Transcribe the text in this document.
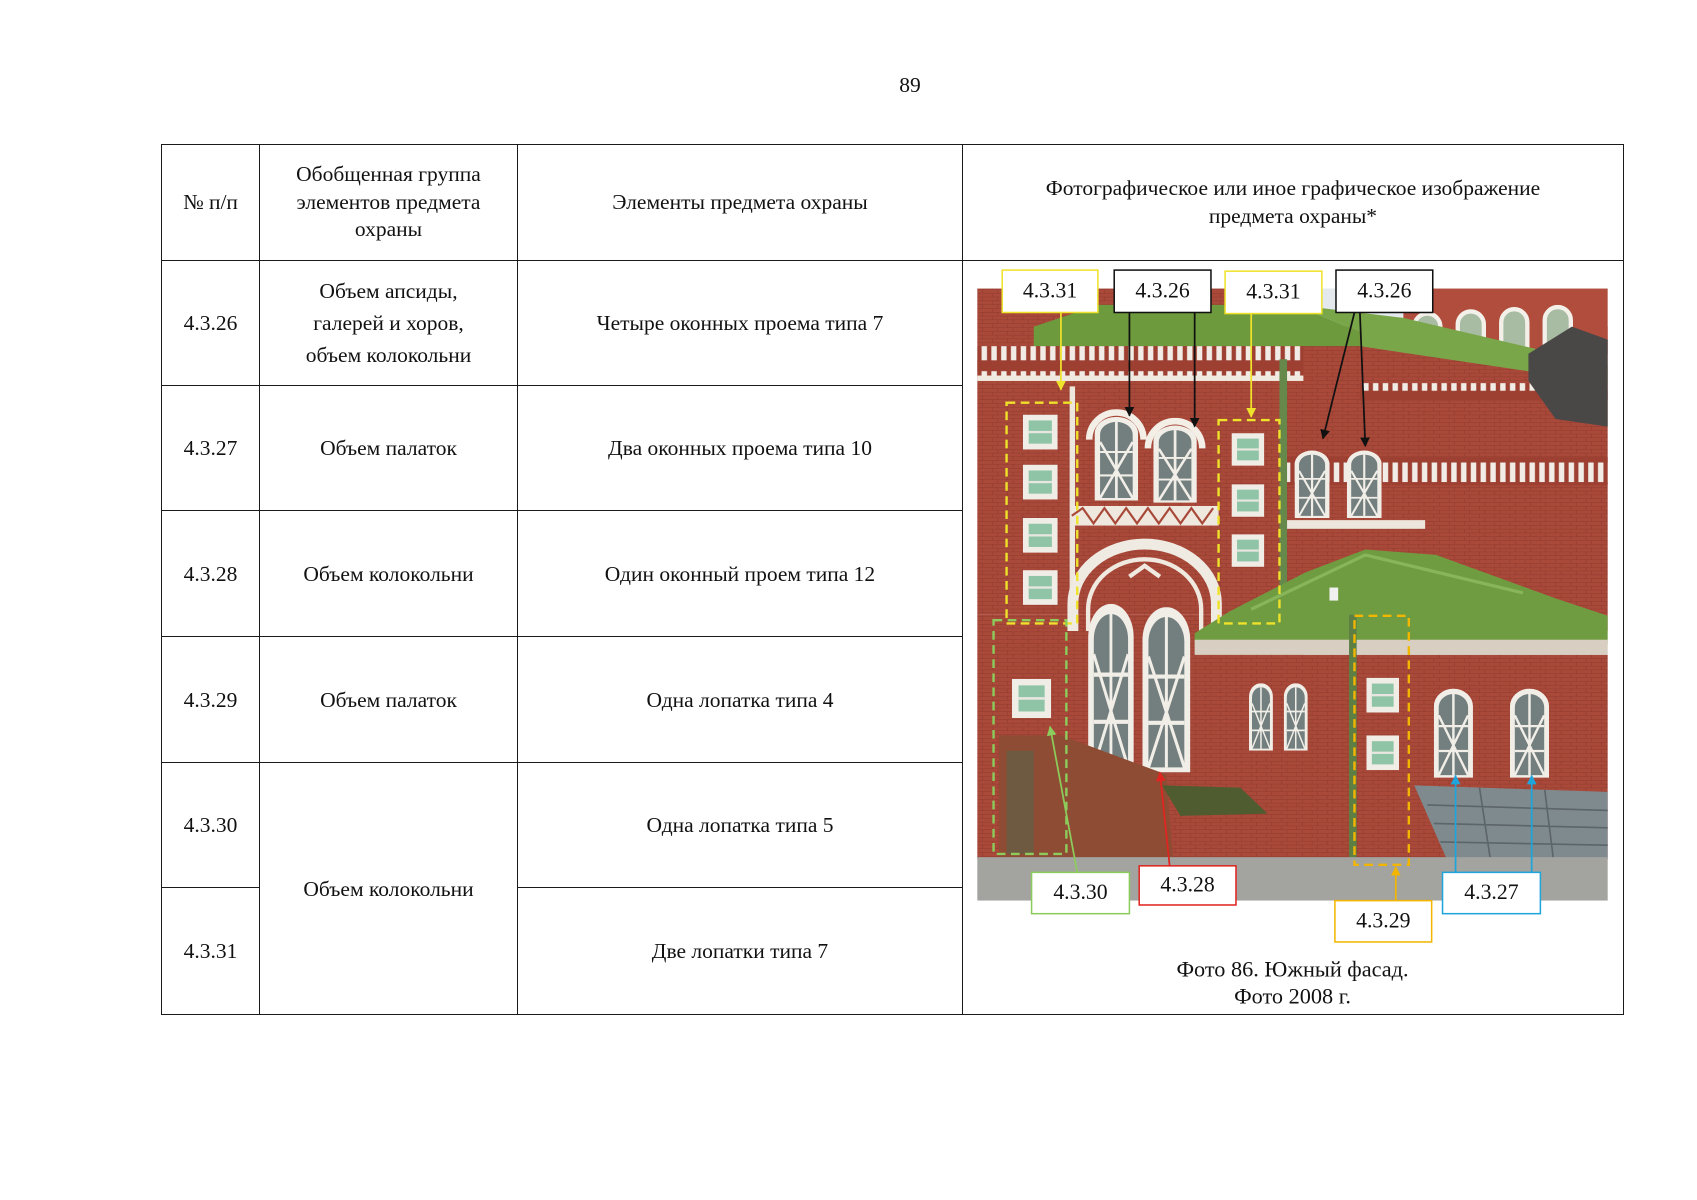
89
№ п/п	Обобщенная группа
элементов предмета
охраны	Элементы предмета охраны	Фотографическое или иное графическое изображение
предмета охраны*
4.3.26	Объем апсиды,
галерей и хоров,
объем колокольни	Четыре оконных проема типа 7	
4.3.27	Объем палаток	Два оконных проема типа 10	
4.3.28	Объем колокольни	Один оконный проем типа 12	
4.3.29	Объем палаток	Одна лопатка типа 4	
4.3.30	Объем колокольни	Одна лопатка типа 5	
4.3.31		Две лопатки типа 7	
4.3.31	4.3.26	4.3.31	4.3.26
4.3.30	4.3.28
4.3.29
4.3.27
Фото 86. Южный фасад.
Фото 2008 г.
